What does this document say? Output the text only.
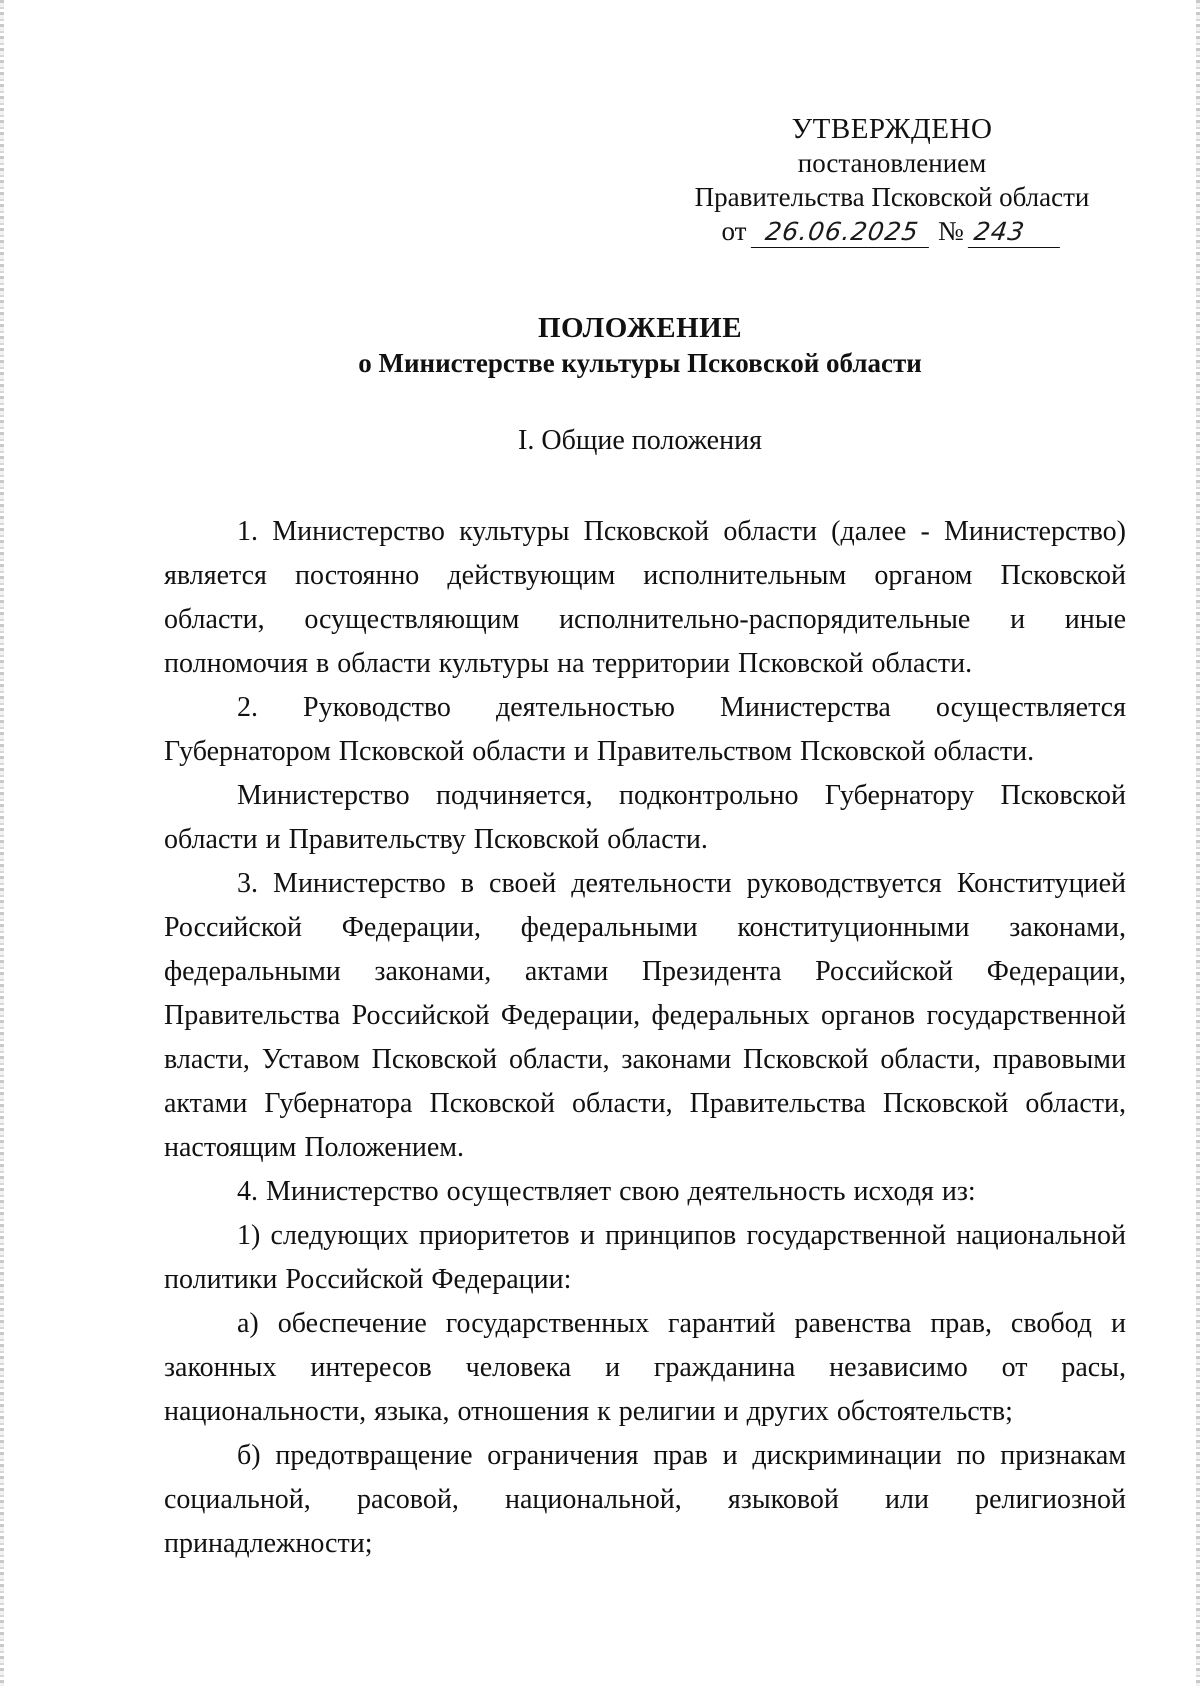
УТВЕРЖДЕНО
постановлением
Правительства Псковской области
от 26.06.2025 № 243
ПОЛОЖЕНИЕ
о Министерстве культуры Псковской области
I. Общие положения

1. Министерство культуры Псковской области (далее - Министерство) является постоянно действующим исполнительным органом Псковской области, осуществляющим исполнительно-распорядительные и иные полномочия в области культуры на территории Псковской области.

2. Руководство деятельностью Министерства осуществляется Губернатором Псковской области и Правительством Псковской области.

Министерство подчиняется, подконтрольно Губернатору Псковской области и Правительству Псковской области.

3. Министерство в своей деятельности руководствуется Конституцией Российской Федерации, федеральными конституционными законами, федеральными законами, актами Президента Российской Федерации, Правительства Российской Федерации, федеральных органов государственной власти, Уставом Псковской области, законами Псковской области, правовыми актами Губернатора Псковской области, Правительства Псковской области, настоящим Положением.

4. Министерство осуществляет свою деятельность исходя из:

1) следующих приоритетов и принципов государственной национальной политики Российской Федерации:

а) обеспечение государственных гарантий равенства прав, свобод и законных интересов человека и гражданина независимо от расы, национальности, языка, отношения к религии и других обстоятельств;

б) предотвращение ограничения прав и дискриминации по признакам социальной, расовой, национальной, языковой или религиозной принадлежности;
